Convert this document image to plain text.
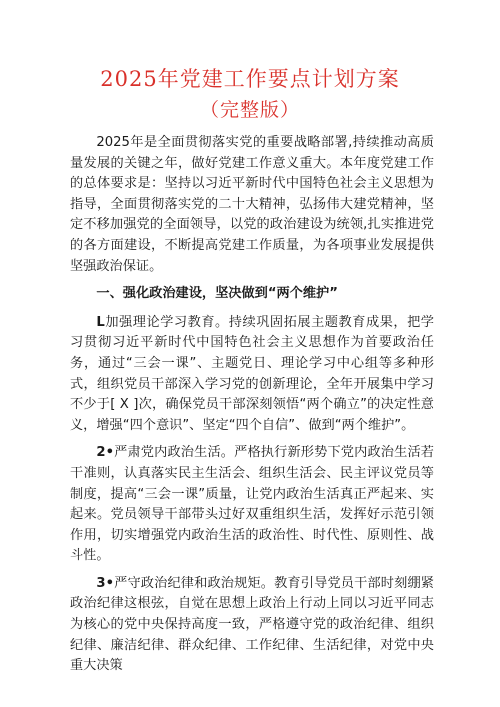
2025年党建工作要点计划方案
（完整版）

2025年是全面贯彻落实党的重要战略部署,持续推动高质量发展的关键之年，做好党建工作意义重大。本年度党建工作的总体要求是：坚持以习近平新时代中国特色社会主义思想为指导，全面贯彻落实党的二十大精神，弘扬伟大建党精神，坚定不移加强党的全面领导，以党的政治建设为统领,扎实推进党的各方面建设，不断提高党建工作质量，为各项事业发展提供坚强政治保证。

一、强化政治建设，坚决做到“两个维护”

L加强理论学习教育。持续巩固拓展主题教育成果，把学习贯彻习近平新时代中国特色社会主义思想作为首要政治任务，通过“三会一课”、主题党日、理论学习中心组等多种形式，组织党员干部深入学习党的创新理论，全年开展集中学习不少于[ X ]次，确保党员干部深刻领悟“两个确立”的决定性意义，增强“四个意识”、坚定“四个自信”、做到“两个维护”。

2•严肃党内政治生活。严格执行新形势下党内政治生活若干准则，认真落实民主生活会、组织生活会、民主评议党员等制度，提高“三会一课”质量，让党内政治生活真正严起来、实起来。党员领导干部带头过好双重组织生活，发挥好示范引领作用，切实增强党内政治生活的政治性、时代性、原则性、战斗性。

3•严守政治纪律和政治规矩。教育引导党员干部时刻绷紧政治纪律这根弦，自觉在思想上政治上行动上同以习近平同志为核心的党中央保持高度一致，严格遵守党的政治纪律、组织纪律、廉洁纪律、群众纪律、工作纪律、生活纪律，对党中央重大决策
